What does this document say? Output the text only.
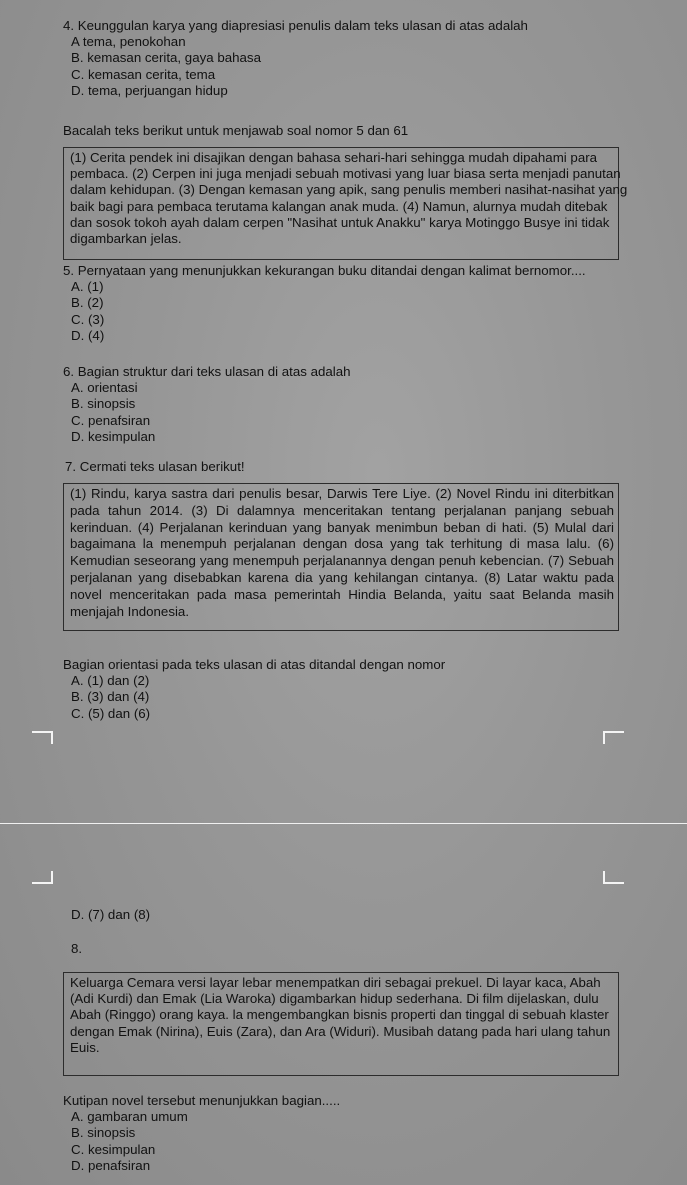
4. Keunggulan karya yang diapresiasi penulis dalam teks ulasan di atas adalah
A tema, penokohan
B. kemasan cerita, gaya bahasa
C. kemasan cerita, tema
D. tema, perjuangan hidup
Bacalah teks berikut untuk menjawab soal nomor 5 dan 61

(1) Cerita pendek ini disajikan dengan bahasa sehari-hari sehingga mudah dipahami para

pembaca. (2) Cerpen ini juga menjadi sebuah motivasi yang luar biasa serta menjadi panutan

dalam kehidupan. (3) Dengan kemasan yang apik, sang penulis memberi nasihat-nasihat yang

baik bagi para pembaca terutama kalangan anak muda. (4) Namun, alurnya mudah ditebak

dan sosok tokoh ayah dalam cerpen "Nasihat untuk Anakku" karya Motinggo Busye ini tidak

digambarkan jelas.

5. Pernyataan yang menunjukkan kekurangan buku ditandai dengan kalimat bernomor....
A. (1)
B. (2)
C. (3)
D. (4)
6. Bagian struktur dari teks ulasan di atas adalah
A. orientasi
B. sinopsis
C. penafsiran
D. kesimpulan
7. Cermati teks ulasan berikut!

(1) Rindu, karya sastra dari penulis besar, Darwis Tere Liye. (2) Novel Rindu ini diterbitkan pada tahun 2014. (3) Di dalamnya menceritakan tentang perjalanan panjang sebuah kerinduan. (4) Perjalanan kerinduan yang banyak menimbun beban di hati. (5) Mulal dari bagaimana la menempuh perjalanan dengan dosa yang tak terhitung di masa lalu. (6) Kemudian seseorang yang menempuh perjalanannya dengan penuh kebencian. (7) Sebuah perjalanan yang disebabkan karena dia yang kehilangan cintanya. (8) Latar waktu pada novel menceritakan pada masa pemerintah Hindia Belanda, yaitu saat Belanda masih menjajah Indonesia.

Bagian orientasi pada teks ulasan di atas ditandal dengan nomor
A. (1) dan (2)
B. (3) dan (4)
C. (5) dan (6)
D. (7) dan (8)
8.

Keluarga Cemara versi layar lebar menempatkan diri sebagai prekuel. Di layar kaca, Abah

(Adi Kurdi) dan Emak (Lia Waroka) digambarkan hidup sederhana. Di film dijelaskan, dulu

Abah (Ringgo) orang kaya. la mengembangkan bisnis properti dan tinggal di sebuah klaster

dengan Emak (Nirina), Euis (Zara), dan Ara (Widuri). Musibah datang pada hari ulang tahun

Euis.

Kutipan novel tersebut menunjukkan bagian.....
A. gambaran umum
B. sinopsis
C. kesimpulan
D. penafsiran
